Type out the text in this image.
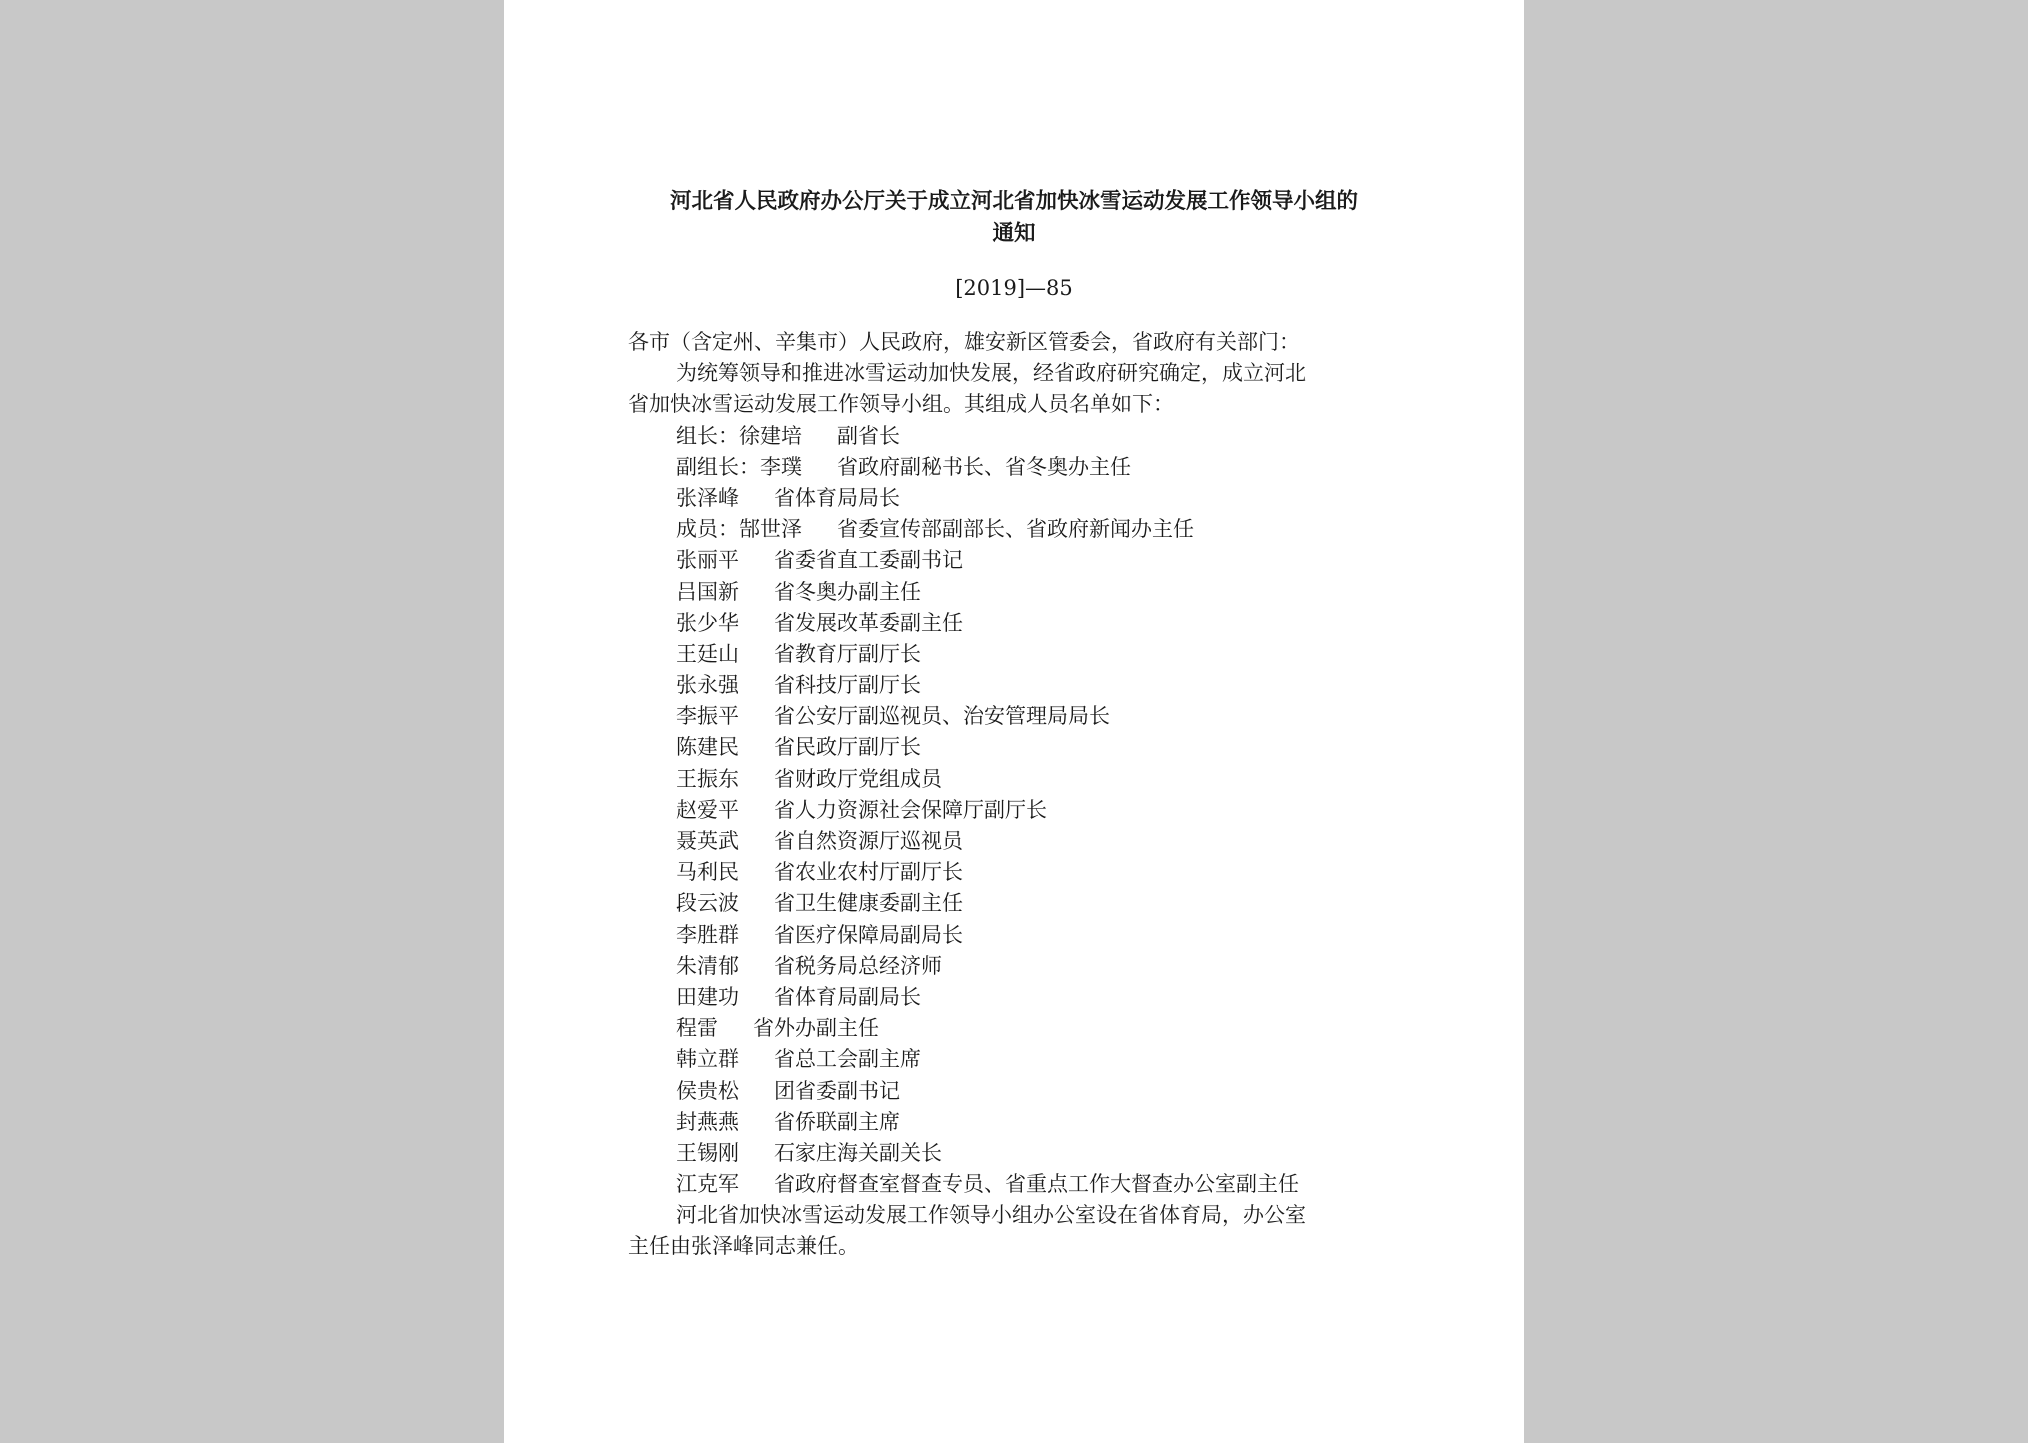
河北省人民政府办公厅关于成立河北省加快冰雪运动发展工作领导小组的
通知
[2019]—85
各市（含定州、辛集市）人民政府，雄安新区管委会，省政府有关部门：
为统筹领导和推进冰雪运动加快发展，经省政府研究确定，成立河北
省加快冰雪运动发展工作领导小组。其组成人员名单如下：
组长：徐建培 副省长
副组长：李璞 省政府副秘书长、省冬奥办主任
张泽峰 省体育局局长
成员：郜世泽 省委宣传部副部长、省政府新闻办主任
张丽平 省委省直工委副书记
吕国新 省冬奥办副主任
张少华 省发展改革委副主任
王廷山 省教育厅副厅长
张永强 省科技厅副厅长
李振平 省公安厅副巡视员、治安管理局局长
陈建民 省民政厅副厅长
王振东 省财政厅党组成员
赵爱平 省人力资源社会保障厅副厅长
聂英武 省自然资源厅巡视员
马利民 省农业农村厅副厅长
段云波 省卫生健康委副主任
李胜群 省医疗保障局副局长
朱清郁 省税务局总经济师
田建功 省体育局副局长
程雷 省外办副主任
韩立群 省总工会副主席
侯贵松 团省委副书记
封燕燕 省侨联副主席
王锡刚 石家庄海关副关长
江克军 省政府督查室督查专员、省重点工作大督查办公室副主任
河北省加快冰雪运动发展工作领导小组办公室设在省体育局，办公室
主任由张泽峰同志兼任。
